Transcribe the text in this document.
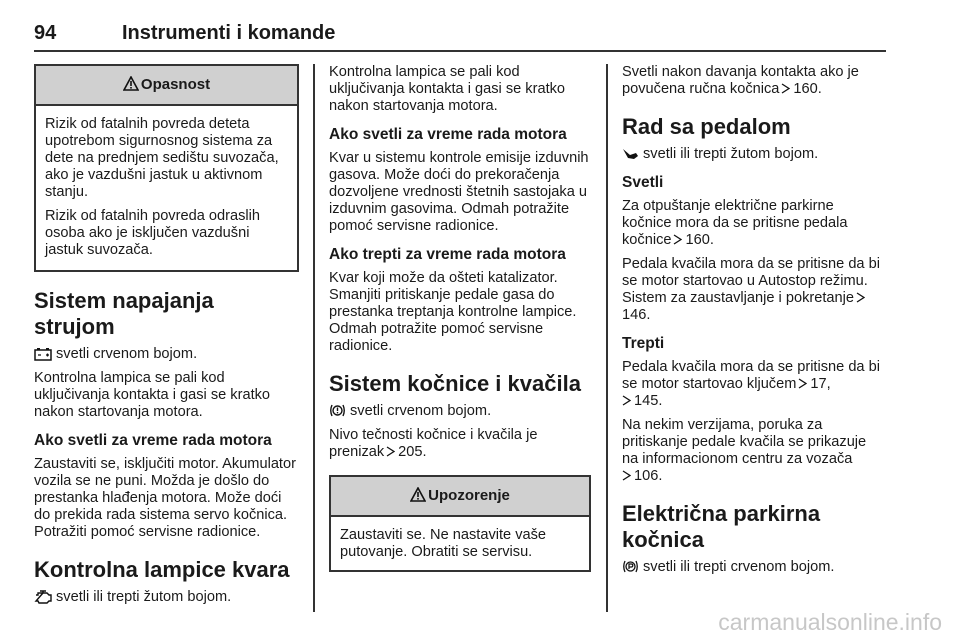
94	Instrumenti i komande
Opasnost

Rizik od fatalnih povreda deteta upotrebom sigurnosnog sistema za dete na prednjem sedištu suvozača, ako je vazdušni jastuk u aktivnom stanju.

Rizik od fatalnih povreda odraslih osoba ako je isključen vazdušni jastuk suvozača.

Sistem napajanja strujom

svetli crvenom bojom.

Kontrolna lampica se pali kod uključivanja kontakta i gasi se kratko nakon startovanja motora.

Ako svetli za vreme rada motora

Zaustaviti se, isključiti motor. Akumulator vozila se ne puni. Možda je došlo do prestanka hlađenja motora. Može doći do prekida rada sistema servo kočnica. Potražiti pomoć servisne radionice.

Kontrolna lampice kvara

svetli ili trepti žutom bojom.

Kontrolna lampica se pali kod uključivanja kontakta i gasi se kratko nakon startovanja motora.

Ako svetli za vreme rada motora

Kvar u sistemu kontrole emisije izduvnih gasova. Može doći do prekoračenja dozvoljene vrednosti štetnih sastojaka u izduvnim gasovima. Odmah potražite pomoć servisne radionice.

Ako trepti za vreme rada motora

Kvar koji može da ošteti katalizator. Smanjiti pritiskanje pedale gasa do prestanka treptanja kontrolne lampice. Odmah potražite pomoć servisne radionice.

Sistem kočnice i kvačila

svetli crvenom bojom.

Nivo tečnosti kočnice i kvačila je prenizak 205.

Upozorenje

Zaustaviti se. Ne nastavite vaše putovanje. Obratiti se servisu.

Svetli nakon davanja kontakta ako je povučena ručna kočnica 160.

Rad sa pedalom

svetli ili trepti žutom bojom.

Svetli

Za otpuštanje električne parkirne kočnice mora da se pritisne pedala kočnice 160.

Pedala kvačila mora da se pritisne da bi se motor startovao u Autostop režimu. Sistem za zaustavljanje i pokretanje146.

Trepti

Pedala kvačila mora da se pritisne da bi se motor startovao ključem 17,
145.

Na nekim verzijama, poruka za pritiskanje pedale kvačila se prikazuje na informacionom centru za vozača
106.

Električna parkirna kočnica

svetli ili trepti crvenom bojom.

carmanualsonline.info
